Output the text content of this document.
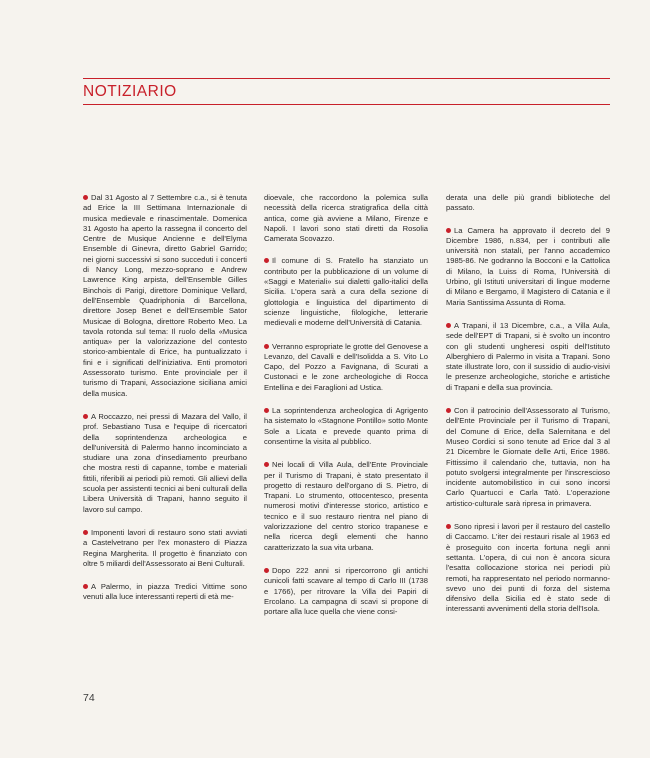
NOTIZIARIO
Dal 31 Agosto al 7 Settembre c.a., si è tenuta ad Erice la III Settimana Internazionale di musica medievale e rinascimentale. Domenica 31 Agosto ha aperto la rassegna il concerto del Centre de Musique Ancienne e dell'Elyma Ensemble di Ginevra, diretto Gabriel Garrido; nei giorni successivi si sono succeduti i concerti di Nancy Long, mezzo-soprano e Andrew Lawrence King arpista, dell'Ensemble Gilles Binchois di Parigi, direttore Dominique Vellard, dell'Ensemble Quadriphonia di Barcellona, direttore Josep Benet e dell'Ensemble Sator Musicae di Bologna, direttore Roberto Meo. La tavola rotonda sul tema: Il ruolo della «Musica antiqua» per la valorizzazione del contesto storico-ambientale di Erice, ha puntualizzato i fini e i significati dell'iniziativa. Enti promotori Assessorato turismo. Ente provinciale per il turismo di Trapani, Associazione siciliana amici della musica.
A Roccazzo, nei pressi di Mazara del Vallo, il prof. Sebastiano Tusa e l'equipe di ricercatori della soprintendenza archeologica e dell'università di Palermo hanno incominciato a studiare una zona d'insediamento preurbano che mostra resti di capanne, tombe e materiali fittili, riferibili ai periodi più remoti. Gli allievi della scuola per assistenti tecnici ai beni culturali della Libera Università di Trapani, hanno seguito il lavoro sul campo.
Imponenti lavori di restauro sono stati avviati a Castelvetrano per l'ex monastero di Piazza Regina Margherita. Il progetto è finanziato con oltre 5 miliardi dell'Assessorato ai Beni Culturali.
A Palermo, in piazza Tredici Vittime sono venuti alla luce interessanti reperti di età me-
dioevale, che raccordono la polemica sulla necessità della ricerca stratigrafica della città antica, come già avviene a Milano, Firenze e Napoli. I lavori sono stati diretti da Rosolia Camerata Scovazzo.
Il comune di S. Fratello ha stanziato un contributo per la pubblicazione di un volume di «Saggi e Materiali» sui dialetti gallo-italici della Sicilia. L'opera sarà a cura della sezione di glottologia e linguistica del dipartimento di scienze linguistiche, filologiche, letterarie medievali e moderne dell'Università di Catania.
Verranno espropriate le grotte del Genovese a Levanzo, del Cavalli e dell'Isolidda a S. Vito Lo Capo, del Pozzo a Favignana, di Scurati a Custonaci e le zone archeologiche di Rocca Entellina e dei Faraglioni ad Ustica.
La soprintendenza archeologica di Agrigento ha sistemato lo «Stagnone Pontillo» sotto Monte Sole a Licata e prevede quanto prima di consentirne la visita al pubblico.
Nei locali di Villa Aula, dell'Ente Provinciale per il Turismo di Trapani, è stato presentato il progetto di restauro dell'organo di S. Pietro, di Trapani. Lo strumento, ottocentesco, presenta numerosi motivi d'interesse storico, artistico e tecnico e il suo restauro rientra nel piano di valorizzazione del centro storico trapanese e nella ricerca degli elementi che hanno caratterizzato la sua vita urbana.
Dopo 222 anni si ripercorrono gli antichi cunicoli fatti scavare al tempo di Carlo III (1738 e 1766), per ritrovare la Villa dei Papiri di Ercolano. La campagna di scavi si propone di portare alla luce quella che viene consi-
derata una delle più grandi biblioteche del passato.
La Camera ha approvato il decreto del 9 Dicembre 1986, n.834, per i contributi alle università non statali, per l'anno accademico 1985-86. Ne godranno la Bocconi e la Cattolica di Milano, la Luiss di Roma, l'Università di Urbino, gli Istituti universitari di lingue moderne di Milano e Bergamo, il Magistero di Catania e il Maria Santissima Assunta di Roma.
A Trapani, il 13 Dicembre, c.a., a Villa Aula, sede dell'EPT di Trapani, si è svolto un incontro con gli studenti ungheresi ospiti dell'Istituto Alberghiero di Palermo in visita a Trapani. Sono state illustrate loro, con il sussidio di audio-visivi le presenze archeologiche, storiche e artistiche di Trapani e della sua provincia.
Con il patrocinio dell'Assessorato al Turismo, dell'Ente Provinciale per il Turismo di Trapani, del Comune di Erice, della Salernitana e del Museo Cordici si sono tenute ad Erice dal 3 al 21 Dicembre le Giornate delle Arti, Erice 1986. Fittissimo il calendario che, tuttavia, non ha potuto svolgersi integralmente per l'inscrescioso incidente automobilistico in cui sono incorsi Carlo Quartucci e Carla Tatò. L'operazione artistico-culturale sarà ripresa in primavera.
Sono ripresi i lavori per il restauro del castello di Caccamo. L'iter dei restauri risale al 1963 ed è proseguito con incerta fortuna negli anni settanta. L'opera, di cui non è ancora sicura l'esatta collocazione storica nei periodi più remoti, ha rappresentato nel periodo normanno-svevo uno dei punti di forza del sistema difensivo della Sicilia ed è stato sede di interessanti avvenimenti della storia dell'Isola.
74
